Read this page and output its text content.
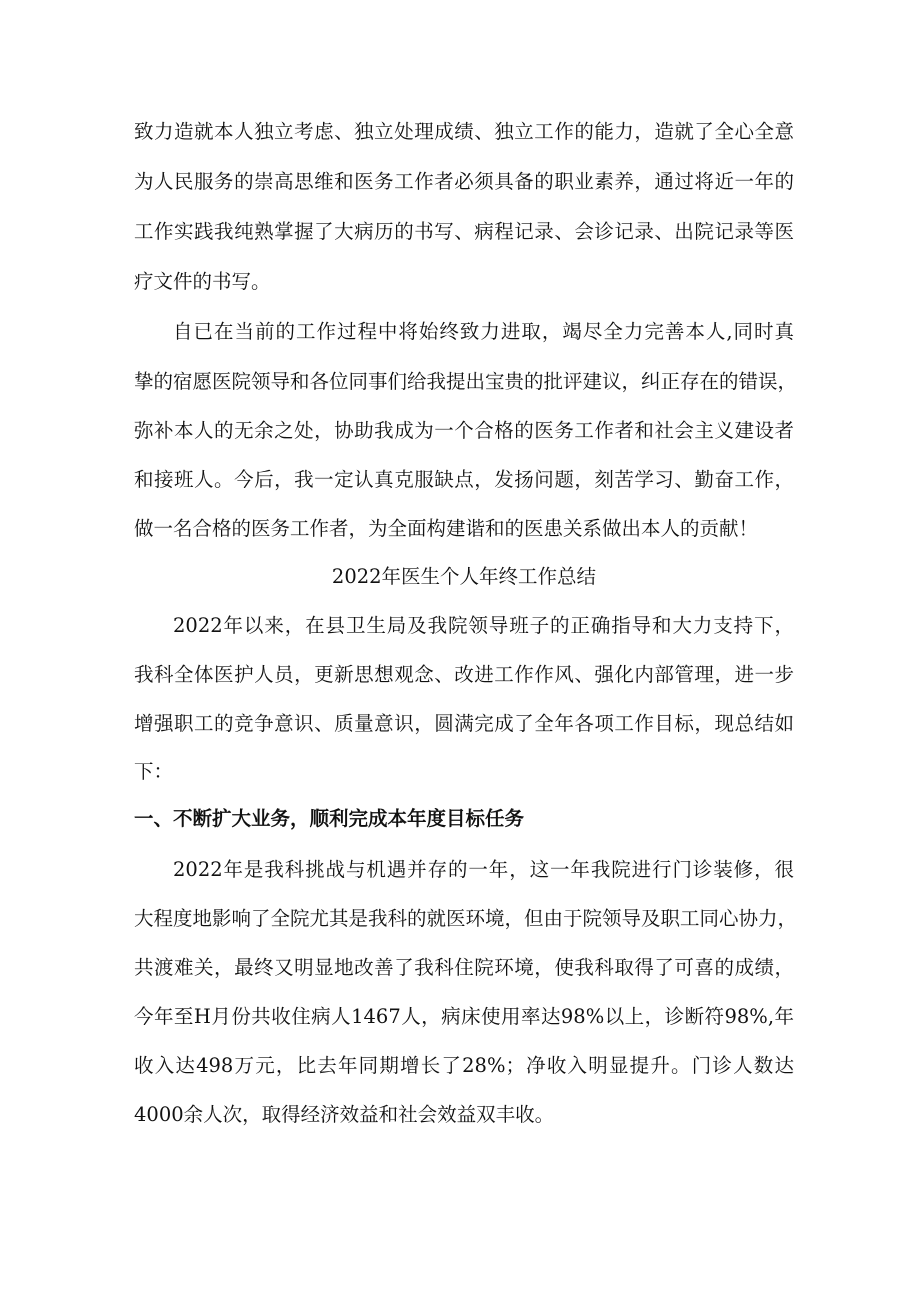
致力造就本人独立考虑、独立处理成绩、独立工作的能力，造就了全心全意

为人民服务的崇高思维和医务工作者必须具备的职业素养，通过将近一年的

工作实践我纯熟掌握了大病历的书写、病程记录、会诊记录、出院记录等医

疗文件的书写。

自已在当前的工作过程中将始终致力进取，竭尽全力完善本人,同时真

挚的宿愿医院领导和各位同事们给我提出宝贵的批评建议，纠正存在的错误，

弥补本人的无余之处，协助我成为一个合格的医务工作者和社会主义建设者

和接班人。今后，我一定认真克服缺点，发扬问题，刻苦学习、勤奋工作，

做一名合格的医务工作者，为全面构建谐和的医患关系做出本人的贡献！

2022年医生个人年终工作总结

2022年以来，在县卫生局及我院领导班子的正确指导和大力支持下，

我科全体医护人员，更新思想观念、改进工作作风、强化内部管理，进一步

增强职工的竞争意识、质量意识，圆满完成了全年各项工作目标，现总结如

下：

一、不断扩大业务，顺利完成本年度目标任务

2022年是我科挑战与机遇并存的一年，这一年我院进行门诊装修，很

大程度地影响了全院尤其是我科的就医环境，但由于院领导及职工同心协力，

共渡难关，最终又明显地改善了我科住院环境，使我科取得了可喜的成绩，

今年至H月份共收住病人1467人，病床使用率达98%以上，诊断符98%,年

收入达498万元，比去年同期增长了28%；净收入明显提升。门诊人数达

4000余人次，取得经济效益和社会效益双丰收。
